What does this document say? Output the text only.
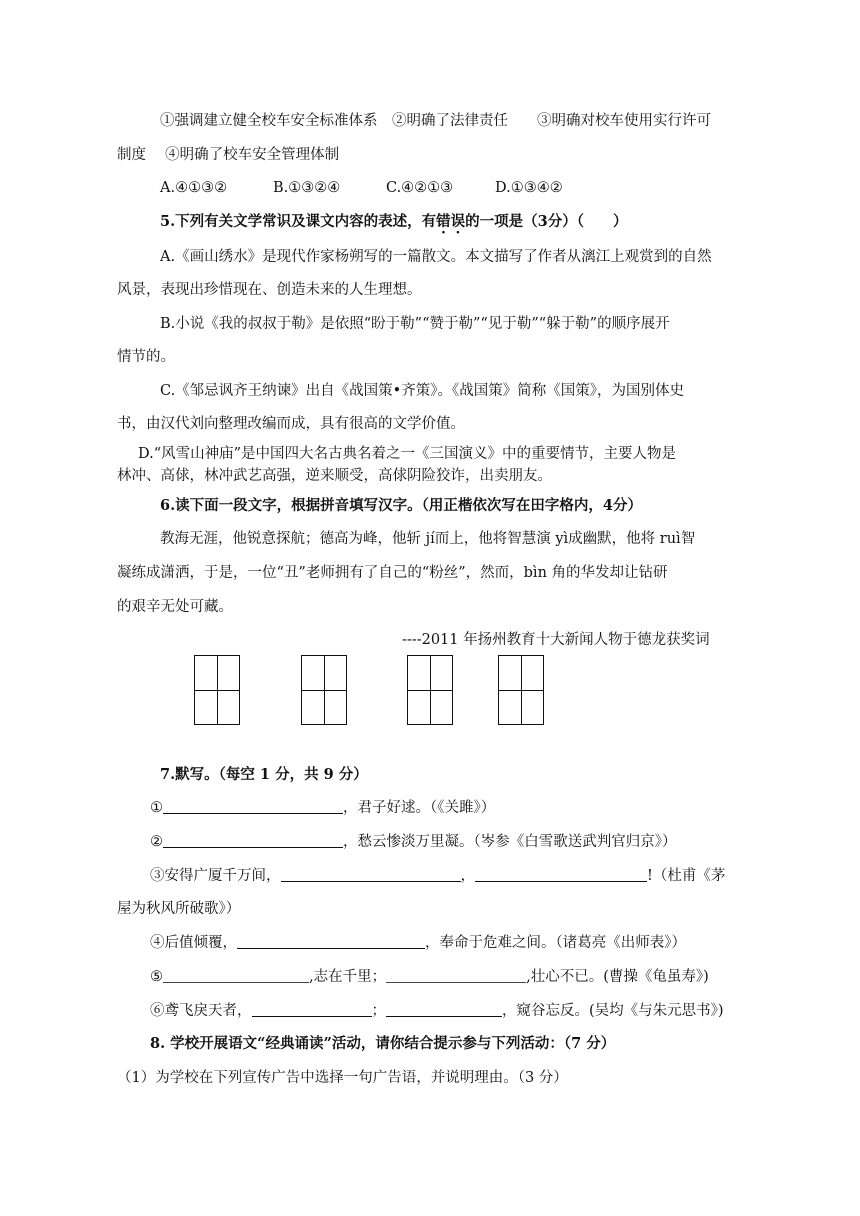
①强调建立健全校车安全标准体系　②明确了法律责任　　③明确对校车使用实行许可
制度　 ④明确了校车安全管理体制
A.④①③②	B.①③②④	C.④②①③	D.①③④②
5.下列有关文学常识及课文内容的表述，有错误的一项是（3分）（　　）
A.《画山绣水》是现代作家杨朔写的一篇散文。本文描写了作者从漓江上观赏到的自然
风景，表现出珍惜现在、创造未来的人生理想。
B.小说《我的叔叔于勒》是依照“盼于勒”“赞于勒”“见于勒”“躲于勒”的顺序展开
情节的。
C.《邹忌讽齐王纳谏》出自《战国策•齐策》。《战国策》简称《国策》，为国别体史
书，由汉代刘向整理改编而成，具有很高的文学价值。
D.“风雪山神庙”是中国四大名古典名着之一《三国演义》中的重要情节，主要人物是
林冲、高俅，林冲武艺高强，逆来顺受，高俅阴险狡诈，出卖朋友。
6.读下面一段文字，根据拼音填写汉字。（用正楷依次写在田字格内，4分）
教海无涯，他锐意探航；德高为峰，他斩 jí而上，他将智慧演 yì成幽默，他将 ruì智
凝练成潇洒，于是，一位“丑”老师拥有了自己的“粉丝”，然而，bìn 角的华发却让钻研
的艰辛无处可藏。
----2011 年扬州教育十大新闻人物于德龙获奖词
7.默写。（每空 1 分，共 9 分）
①	，君子好逑。（《关雎》）
②	，愁云惨淡万里凝。（岑参《白雪歌送武判官归京》）
③安得广厦千万间，	，	!（杜甫《茅
屋为秋风所破歌》）
④后值倾覆，	，奉命于危难之间。（诸葛亮《出师表》）
⑤	,志在千里；	,壮心不已。(曹操《龟虽寿》)
⑥鸢飞戾天者，	；	，窥谷忘反。(吴均《与朱元思书》)
8. 学校开展语文“经典诵读”活动，请你结合提示参与下列活动：（7 分）
（1）为学校在下列宣传广告中选择一句广告语，并说明理由。（3 分）
